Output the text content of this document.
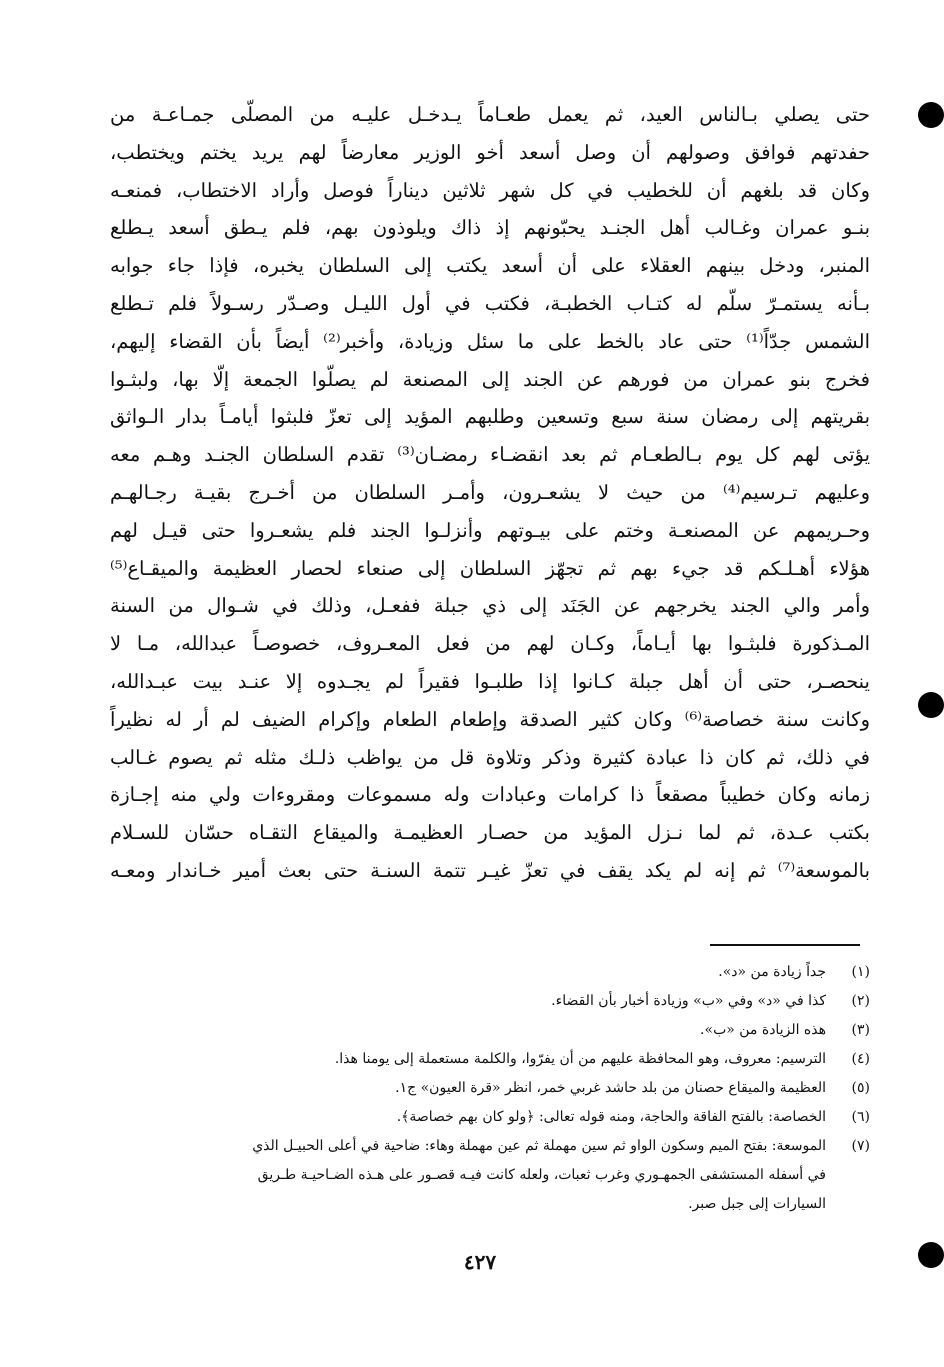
حتى يصلي بـالناس العيد، ثم يعمل طعـاماً يـدخـل عليـه من المصلّى جمـاعـة من
حفدتهم فوافق وصولهم أن وصل أسعد أخو الوزير معارضاً لهم يريد يختم ويختطب،
وكان قد بلغهم أن للخطيب في كل شهر ثلاثين ديناراً فوصل وأراد الاختطاب، فمنعـه
بنـو عمران وغـالب أهل الجنـد يحبّونهم إذ ذاك ويلوذون بهم، فلم يـطق أسعد يـطلع
المنبر، ودخل بينهم العقلاء على أن أسعد يكتب إلى السلطان يخبره، فإذا جاء جوابه
بـأنه يستمـرّ سلّم له كتـاب الخطبـة، فكتب في أول الليـل وصـدّر رسـولاً فلم تـطلع
الشمس جدّاً⁽¹⁾ حتى عاد بالخط على ما سئل وزيادة، وأخبر⁽²⁾ أيضاً بأن القضاء إليهم،
فخرج بنو عمران من فورهم عن الجند إلى المصنعة لم يصلّوا الجمعة إلّا بها، ولبثـوا
بقريتهم إلى رمضان سنة سبع وتسعين وطلبهم المؤيد إلى تعزّ فلبثوا أيامـاً بدار الـواثق
يؤتى لهم كل يوم بـالطعـام ثم بعد انقضـاء رمضـان⁽³⁾ تقدم السلطان الجنـد وهـم معه
وعليهم تـرسيم⁽⁴⁾ من حيث لا يشعـرون، وأمـر السلطان من أخـرج بقيـة رجـالهـم
وحـريمهم عن المصنعـة وختم على بيـوتهم وأنزلـوا الجند فلم يشعـروا حتى قيـل لهم
هؤلاء أهـلـكم قد جيء بهم ثم تجهّز السلطان إلى صنعاء لحصار العظيمة والميقـاع⁽⁵⁾
وأمر والي الجند يخرجهم عن الجَنَد إلى ذي جبلة ففعـل، وذلك في شـوال من السنة
المـذكورة فلبثـوا بها أيـاماً، وكـان لهم من فعل المعـروف، خصوصـاً عبدالله، مـا لا
ينحصـر، حتى أن أهل جبلة كـانوا إذا طلبـوا فقيراً لم يجـدوه إلا عنـد بيت عبـدالله،
وكانت سنة خصاصة⁽⁶⁾ وكان كثير الصدقة وإطعام الطعام وإكرام الضيف لم أر له نظيراً
في ذلك، ثم كان ذا عبادة كثيرة وذكر وتلاوة قل من يواظب ذلـك مثله ثم يصوم غـالب
زمانه وكان خطيباً مصقعاً ذا كرامات وعبادات وله مسموعات ومقروءات ولي منه إجـازة
بكتب عـدة، ثم لما نـزل المؤيد من حصـار العظيمـة والميقاع التقـاه حسّان للسـلام
بالموسعة⁽⁷⁾ ثم إنه لم يكد يقف في تعزّ غيـر تتمة السنـة حتى بعث أمير خـاندار ومعـه
(١)
جداً زيادة من «د».
(٢)
كذا في «د» وفي «ب» وزيادة أخبار بأن القضاء.
(٣)
هذه الزيادة من «ب».
(٤)
الترسيم: معروف، وهو المحافظة عليهم من أن يفرّوا، والكلمة مستعملة إلى يومنا هذا.
(٥)
العظيمة والميقاع حصنان من بلد حاشد غربي خمر، انظر «قرة العيون» ج١.
(٦)
الخصاصة: بالفتح الفاقة والحاجة، ومنه قوله تعالى: ﴿ولو كان بهم خصاصة﴾.
(٧)
الموسعة: بفتح الميم وسكون الواو ثم سين مهملة ثم عين مهملة وهاء: ضاحية في أعلى الحبيـل الذي
في أسفله المستشفى الجمهـوري وغرب ثعبات، ولعله كانت فيـه قصـور على هـذه الضـاحيـة طـريق
السيارات إلى جبل صبر.
٤٢٧
